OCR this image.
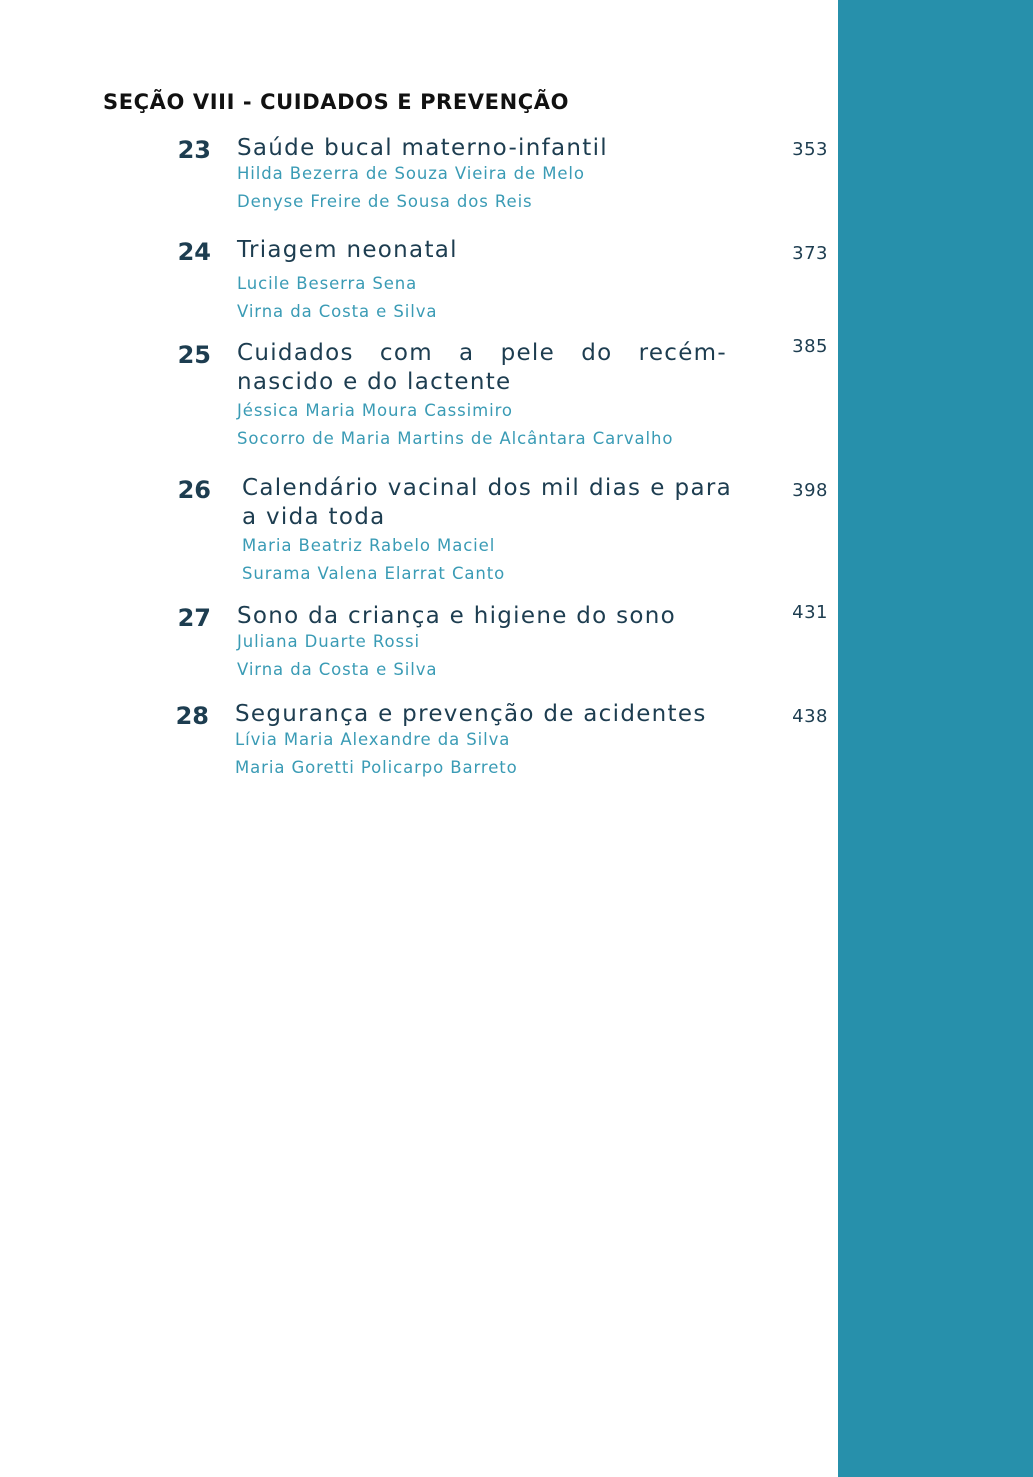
SEÇÃO VIII - CUIDADOS E PREVENÇÃO
23 Saúde bucal materno-infantil
Hilda Bezerra de Souza Vieira de Melo
Denyse Freire de Sousa dos Reis
353
24 Triagem neonatal
Lucile Beserra Sena
Virna da Costa e Silva
373
25 Cuidados com a pele do recém-nascido e do lactente
Jéssica Maria Moura Cassimiro
Socorro de Maria Martins de Alcântara Carvalho
385
26 Calendário vacinal dos mil dias e para a vida toda
Maria Beatriz Rabelo Maciel
Surama Valena Elarrat Canto
398
27 Sono da criança e higiene do sono
Juliana Duarte Rossi
Virna da Costa e Silva
431
28 Segurança e prevenção de acidentes
Lívia Maria Alexandre da Silva
Maria Goretti Policarpo Barreto
438
